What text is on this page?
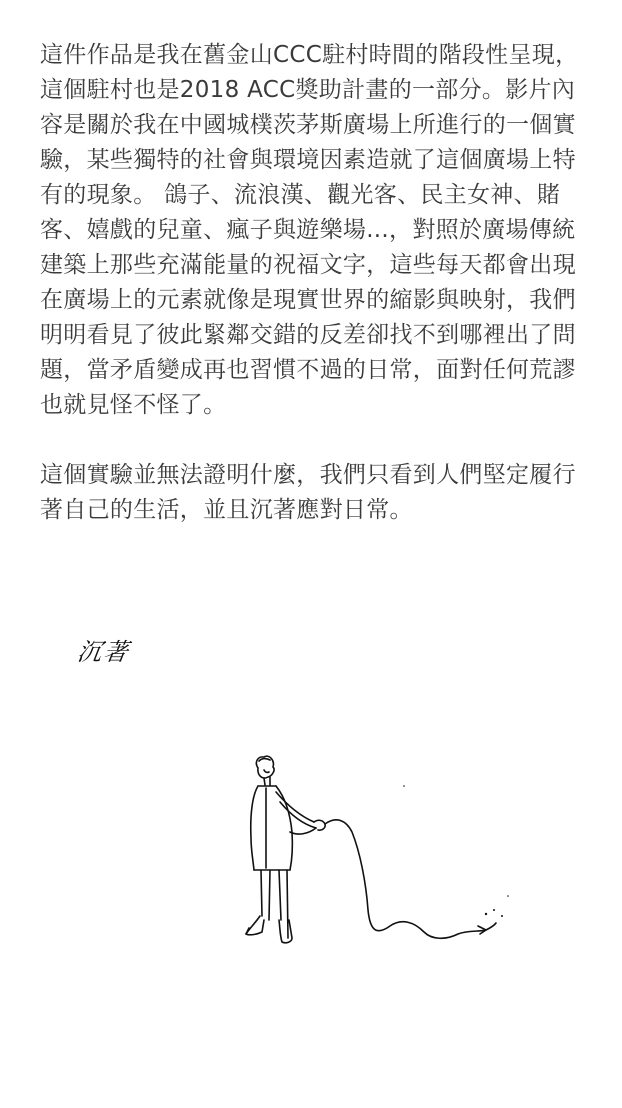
這件作品是我在舊金山CCC駐村時間的階段性呈現，這個駐村也是2018 ACC獎助計畫的一部分。影片內容是關於我在中國城樸茨茅斯廣場上所進行的一個實驗，某些獨特的社會與環境因素造就了這個廣場上特有的現象。 鴿子、流浪漢、觀光客、民主女神、賭客、嬉戲的兒童、瘋子與遊樂場...，對照於廣場傳統建築上那些充滿能量的祝福文字，這些每天都會出現在廣場上的元素就像是現實世界的縮影與映射，我們明明看見了彼此緊鄰交錯的反差卻找不到哪裡出了問題，當矛盾變成再也習慣不過的日常，面對任何荒謬也就見怪不怪了。

這個實驗並無法證明什麼，我們只看到人們堅定履行著自己的生活，並且沉著應對日常。

沉著
